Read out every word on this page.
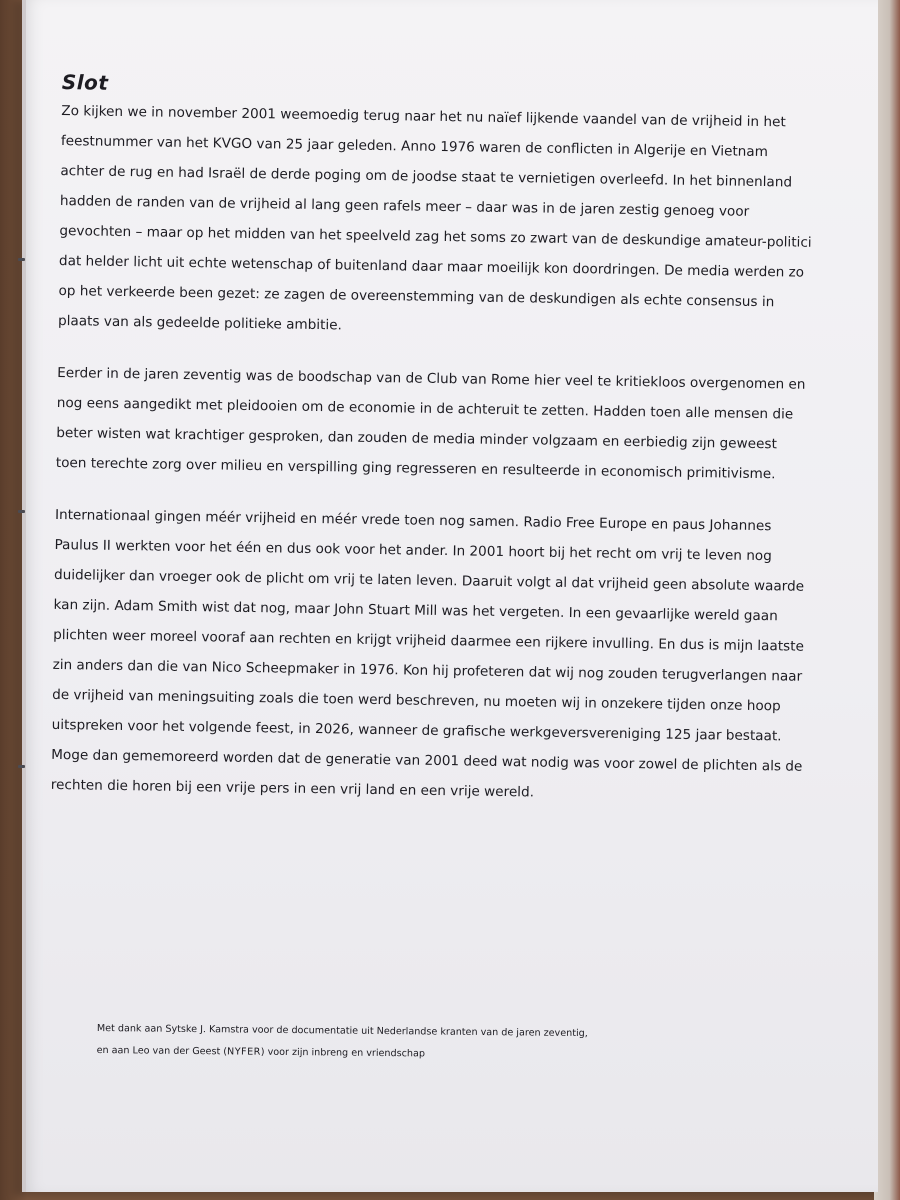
Slot

Zo kijken we in november 2001 weemoedig terug naar het nu naïef lijkende vaandel van de vrijheid in het feestnummer van het KVGO van 25 jaar geleden. Anno 1976 waren de conflicten in Algerije en Vietnam achter de rug en had Israël de derde poging om de joodse staat te vernietigen overleefd. In het binnenland hadden de randen van de vrijheid al lang geen rafels meer – daar was in de jaren zestig genoeg voor gevochten – maar op het midden van het speelveld zag het soms zo zwart van de deskundige amateur-politici dat helder licht uit echte wetenschap of buitenland daar maar moeilijk kon doordringen. De media werden zo op het verkeerde been gezet: ze zagen de overeenstemming van de deskundigen als echte consensus in plaats van als gedeelde politieke ambitie.

Eerder in de jaren zeventig was de boodschap van de Club van Rome hier veel te kritiekloos overgenomen en nog eens aangedikt met pleidooien om de economie in de achteruit te zetten. Hadden toen alle mensen die beter wisten wat krachtiger gesproken, dan zouden de media minder volgzaam en eerbiedig zijn geweest toen terechte zorg over milieu en verspilling ging regresseren en resulteerde in economisch primitivisme.

Internationaal gingen méér vrijheid en méér vrede toen nog samen. Radio Free Europe en paus Johannes Paulus II werkten voor het één en dus ook voor het ander. In 2001 hoort bij het recht om vrij te leven nog duidelijker dan vroeger ook de plicht om vrij te laten leven. Daaruit volgt al dat vrijheid geen absolute waarde kan zijn. Adam Smith wist dat nog, maar John Stuart Mill was het vergeten. In een gevaarlijke wereld gaan plichten weer moreel vooraf aan rechten en krijgt vrijheid daarmee een rijkere invulling. En dus is mijn laatste zin anders dan die van Nico Scheepmaker in 1976. Kon hij profeteren dat wij nog zouden terugverlangen naar de vrijheid van meningsuiting zoals die toen werd beschreven, nu moeten wij in onzekere tijden onze hoop uitspreken voor het volgende feest, in 2026, wanneer de grafische werkgeversvereniging 125 jaar bestaat. Moge dan gememoreerd worden dat de generatie van 2001 deed wat nodig was voor zowel de plichten als de rechten die horen bij een vrije pers in een vrij land en een vrije wereld.

Met dank aan Sytske J. Kamstra voor de documentatie uit Nederlandse kranten van de jaren zeventig,

en aan Leo van der Geest (NYFER) voor zijn inbreng en vriendschap
